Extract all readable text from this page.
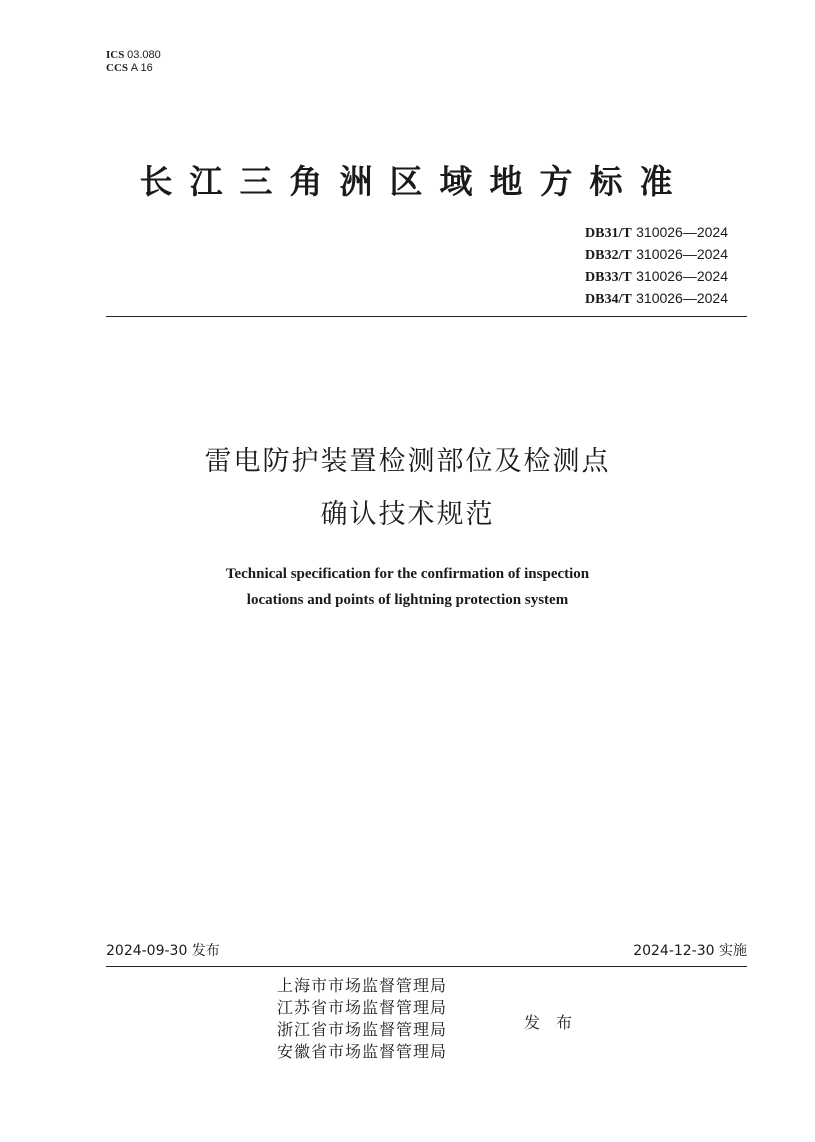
ICS 03.080
CCS A 16
长江三角洲区域地方标准
DB31/T 310026—2024
DB32/T 310026—2024
DB33/T 310026—2024
DB34/T 310026—2024
雷电防护装置检测部位及检测点
确认技术规范
Technical specification for the confirmation of inspection
locations and points of lightning protection system
2024-09-30 发布	2024-12-30 实施
上海市市场监督管理局
江苏省市场监督管理局
浙江省市场监督管理局
安徽省市场监督管理局
发布
